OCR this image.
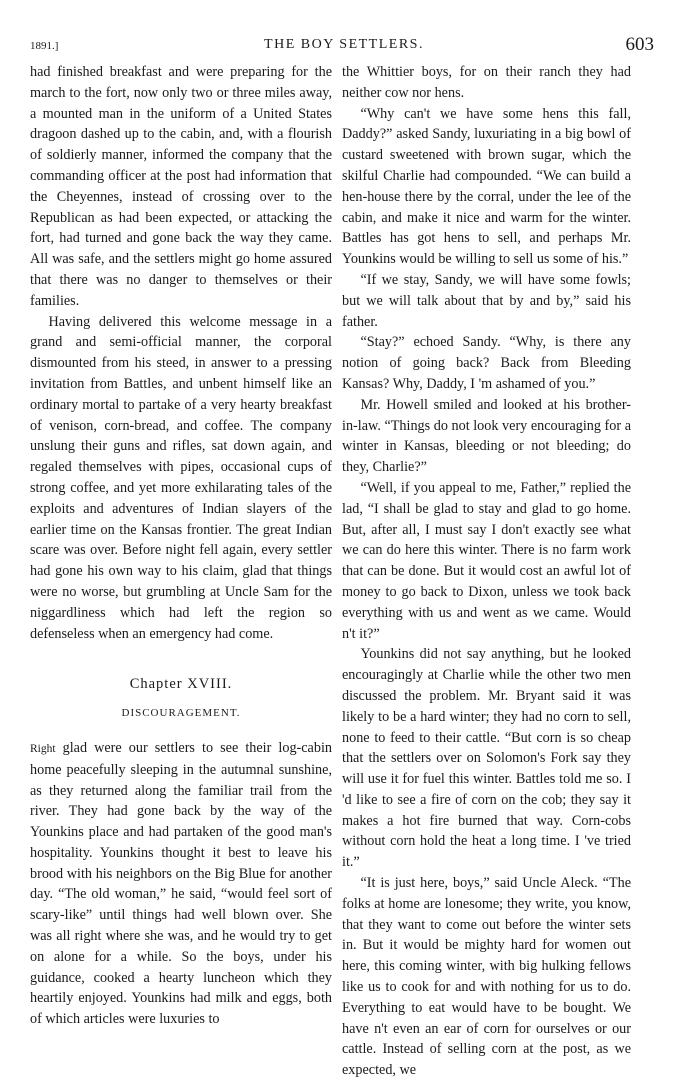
1891.]	THE BOY SETTLERS.	603

had finished breakfast and were preparing for the march to the fort, now only two or three miles away, a mounted man in the uniform of a United States dragoon dashed up to the cabin, and, with a flourish of soldierly manner, informed the company that the commanding officer at the post had information that the Cheyennes, instead of crossing over to the Republican as had been expected, or attacking the fort, had turned and gone back the way they came. All was safe, and the settlers might go home assured that there was no danger to themselves or their families.

Having delivered this welcome message in a grand and semi-official manner, the corporal dismounted from his steed, in answer to a pressing invitation from Battles, and unbent himself like an ordinary mortal to partake of a very hearty breakfast of venison, corn-bread, and coffee. The company unslung their guns and rifles, sat down again, and regaled themselves with pipes, occasional cups of strong coffee, and yet more exhilarating tales of the exploits and adventures of Indian slayers of the earlier time on the Kansas frontier. The great Indian scare was over. Before night fell again, every settler had gone his own way to his claim, glad that things were no worse, but grumbling at Uncle Sam for the niggardliness which had left the region so defenseless when an emergency had come.

Chapter XVIII.
DISCOURAGEMENT.

Right glad were our settlers to see their log-cabin home peacefully sleeping in the autumnal sunshine, as they returned along the familiar trail from the river. They had gone back by the way of the Younkins place and had partaken of the good man's hospitality. Younkins thought it best to leave his brood with his neighbors on the Big Blue for another day. “The old woman,” he said, “would feel sort of scary-like” until things had well blown over. She was all right where she was, and he would try to get on alone for a while. So the boys, under his guidance, cooked a hearty luncheon which they heartily enjoyed. Younkins had milk and eggs, both of which articles were luxuries to

the Whittier boys, for on their ranch they had neither cow nor hens.

“Why can't we have some hens this fall, Daddy?” asked Sandy, luxuriating in a big bowl of custard sweetened with brown sugar, which the skilful Charlie had compounded. “We can build a hen-house there by the corral, under the lee of the cabin, and make it nice and warm for the winter. Battles has got hens to sell, and perhaps Mr. Younkins would be willing to sell us some of his.”

“If we stay, Sandy, we will have some fowls; but we will talk about that by and by,” said his father.

“Stay?” echoed Sandy. “Why, is there any notion of going back? Back from Bleeding Kansas? Why, Daddy, I 'm ashamed of you.”

Mr. Howell smiled and looked at his brother-in-law. “Things do not look very encouraging for a winter in Kansas, bleeding or not bleeding; do they, Charlie?”

“Well, if you appeal to me, Father,” replied the lad, “I shall be glad to stay and glad to go home. But, after all, I must say I don't exactly see what we can do here this winter. There is no farm work that can be done. But it would cost an awful lot of money to go back to Dixon, unless we took back everything with us and went as we came. Would n't it?”

Younkins did not say anything, but he looked encouragingly at Charlie while the other two men discussed the problem. Mr. Bryant said it was likely to be a hard winter; they had no corn to sell, none to feed to their cattle. “But corn is so cheap that the settlers over on Solomon's Fork say they will use it for fuel this winter. Battles told me so. I 'd like to see a fire of corn on the cob; they say it makes a hot fire burned that way. Corn-cobs without corn hold the heat a long time. I 've tried it.”

“It is just here, boys,” said Uncle Aleck. “The folks at home are lonesome; they write, you know, that they want to come out before the winter sets in. But it would be mighty hard for women out here, this coming winter, with big hulking fellows like us to cook for and with nothing for us to do. Everything to eat would have to be bought. We have n't even an ear of corn for ourselves or our cattle. Instead of selling corn at the post, as we expected, we
